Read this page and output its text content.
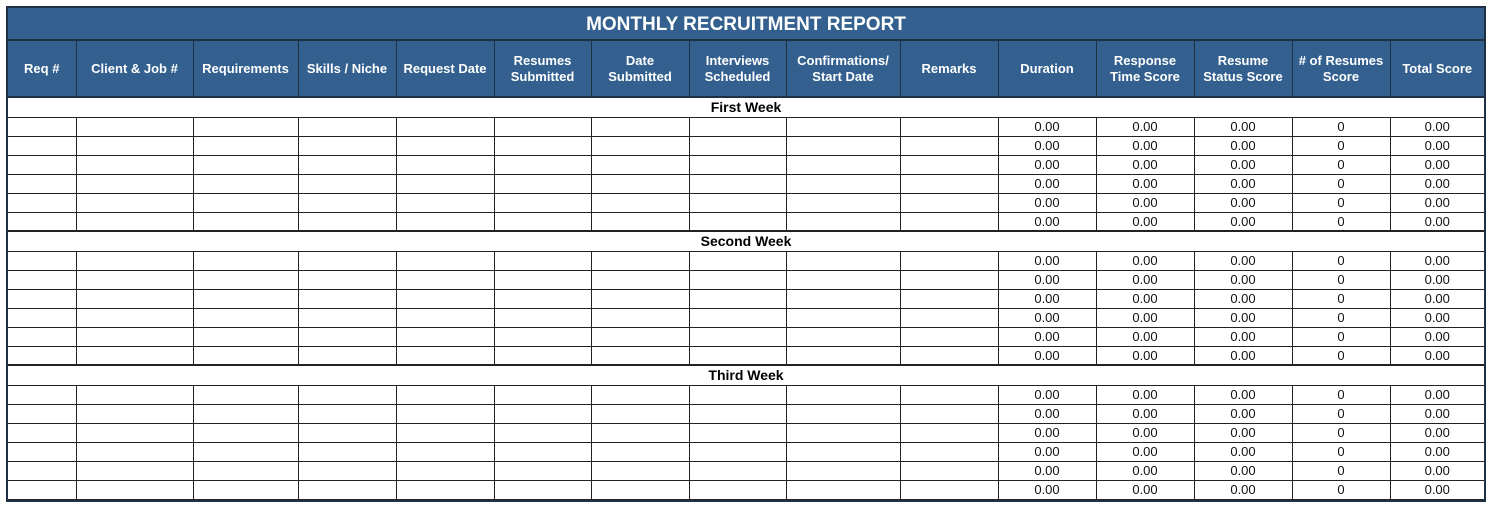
MONTHLY RECRUITMENT REPORT
Req #	Client & Job #	Requirements	Skills / Niche	Request Date	Resumes Submitted	Date Submitted	Interviews Scheduled	Confirmations/ Start Date	Remarks	Duration	Response Time Score	Resume Status Score	# of Resumes Score	Total Score
First Week														
										0.00	0.00	0.00	0	0.00
										0.00	0.00	0.00	0	0.00
										0.00	0.00	0.00	0	0.00
										0.00	0.00	0.00	0	0.00
										0.00	0.00	0.00	0	0.00
										0.00	0.00	0.00	0	0.00
Second Week														
										0.00	0.00	0.00	0	0.00
										0.00	0.00	0.00	0	0.00
										0.00	0.00	0.00	0	0.00
										0.00	0.00	0.00	0	0.00
										0.00	0.00	0.00	0	0.00
										0.00	0.00	0.00	0	0.00
Third Week														
										0.00	0.00	0.00	0	0.00
										0.00	0.00	0.00	0	0.00
										0.00	0.00	0.00	0	0.00
										0.00	0.00	0.00	0	0.00
										0.00	0.00	0.00	0	0.00
										0.00	0.00	0.00	0	0.00
